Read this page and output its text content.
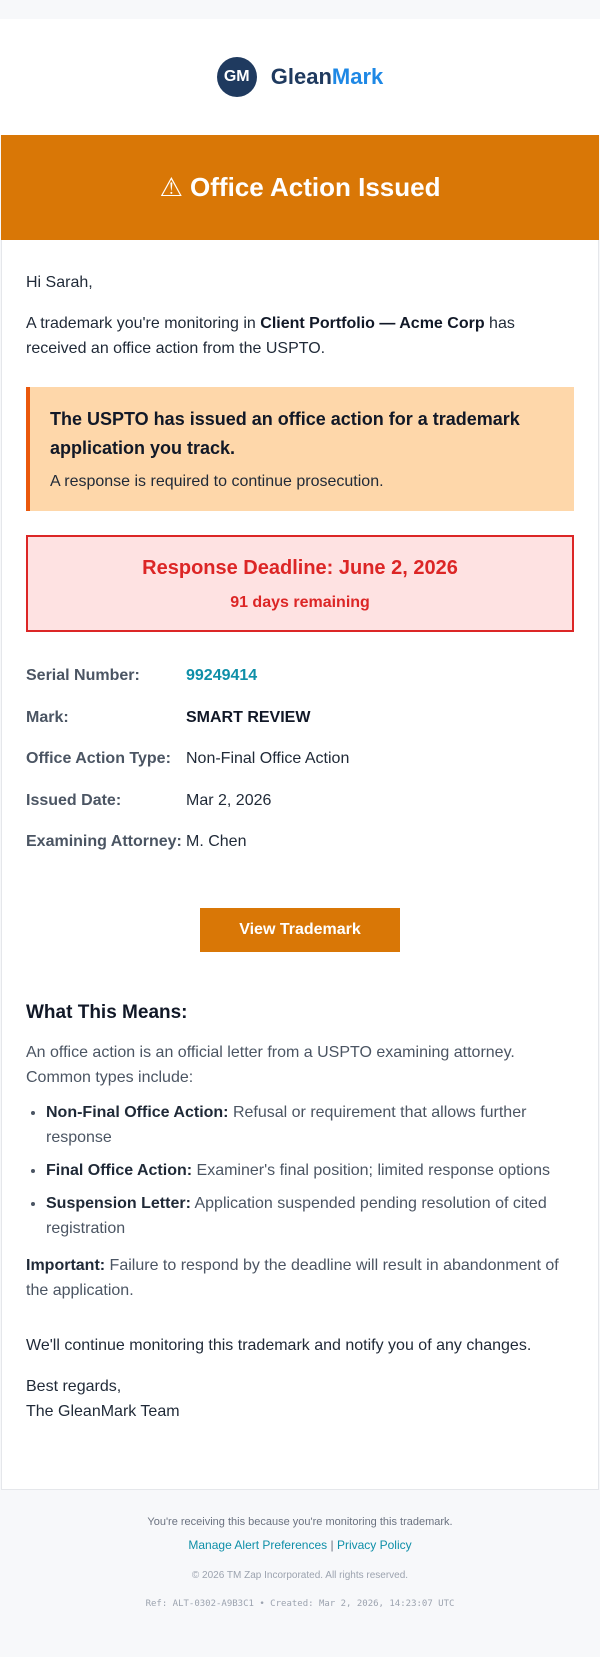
GM GleanMark
⚠ Office Action Issued

Hi Sarah,

A trademark you're monitoring in Client Portfolio — Acme Corp has received an office action from the USPTO.

The USPTO has issued an office action for a trademark application you track.
A response is required to continue prosecution.
Response Deadline: June 2, 2026
91 days remaining
Serial Number:	99249414
Mark:	SMART REVIEW
Office Action Type: Non-Final Office Action
Issued Date:	Mar 2, 2026
Examining Attorney: M. Chen
View Trademark
What This Means:

An office action is an official letter from a USPTO examining attorney. Common types include:

• Non-Final Office Action: Refusal or requirement that allows further response
• Final Office Action: Examiner's final position; limited response options
• Suspension Letter: Application suspended pending resolution of cited registration

Important: Failure to respond by the deadline will result in abandonment of the application.

We'll continue monitoring this trademark and notify you of any changes.

Best regards,

The GleanMark Team

You're receiving this because you're monitoring this trademark.
Manage Alert Preferences | Privacy Policy
© 2026 TM Zap Incorporated. All rights reserved.
Ref: ALT-0302-A9B3C1 • Created: Mar 2, 2026, 14:23:07 UTC
